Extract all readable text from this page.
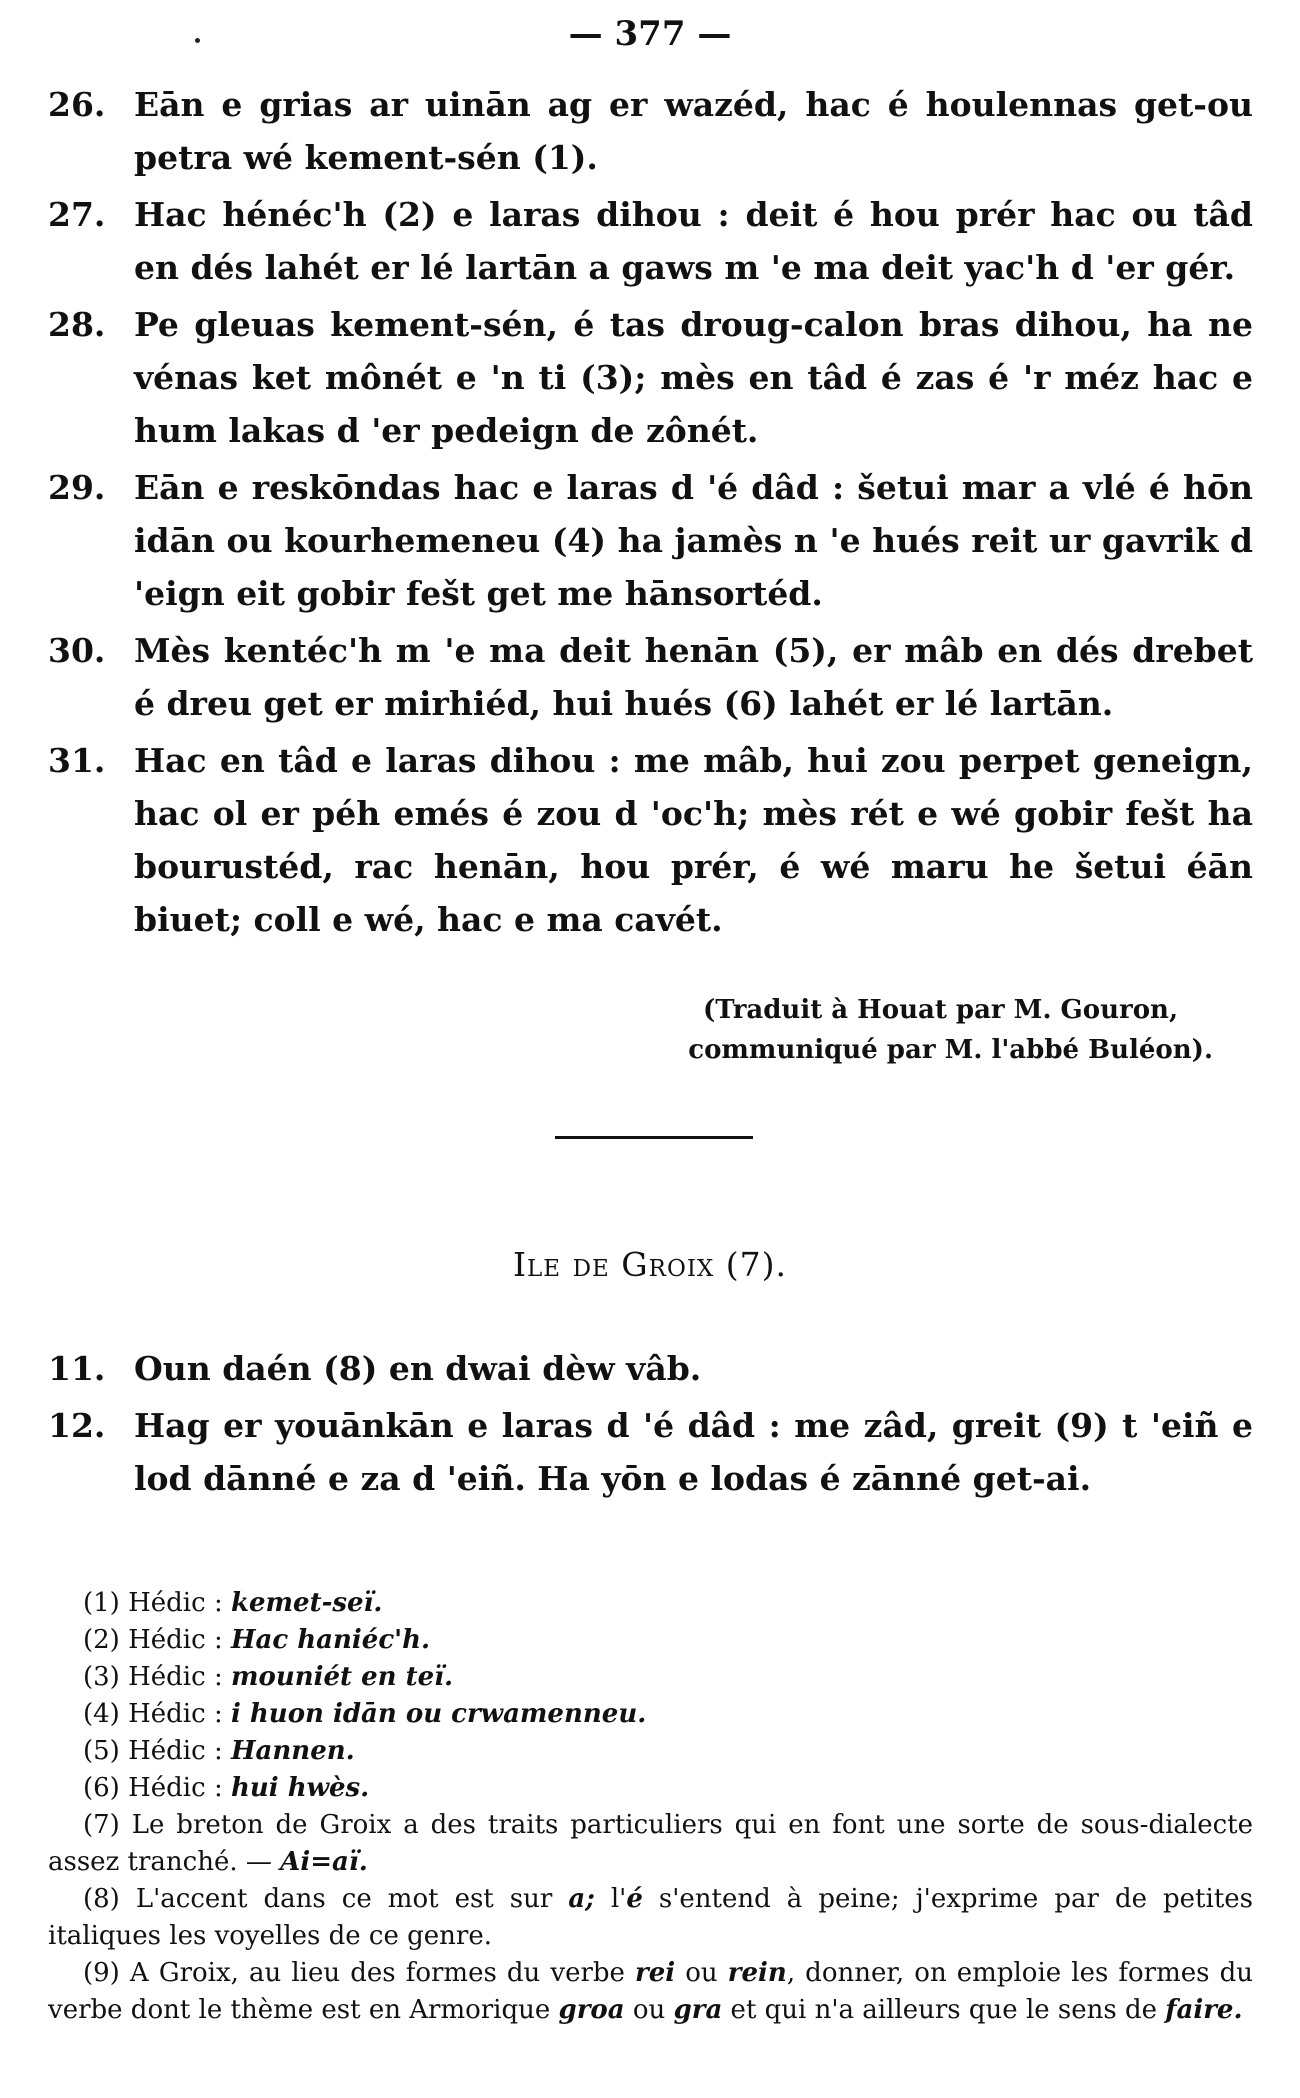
— 377 —
26. Eān e grias ar uinān ag er wazéd, hac é houlennas get-ou petra wé kement-sén (1).
27. Hac hénéc'h (2) e laras dihou : deit é hou prér hac ou tâd en dés lahét er lé lartān a gaws m 'e ma deit yac'h d 'er gér.
28. Pe gleuas kement-sén, é tas droug-calon bras dihou, ha ne vénas ket mônét e 'n ti (3); mès en tâd é zas é 'r méz hac e hum lakas d 'er pedeign de zônét.
29. Eān e reskōndas hac e laras d 'é dâd : šetui mar a vlé é hōn idān ou kourhemeneu (4) ha jamès n 'e hués reit ur gavrik d 'eign eit gobir fešt get me hānsortéd.
30. Mès kentéc'h m 'e ma deit henān (5), er mâb en dés drebet é dreu get er mirhiéd, hui hués (6) lahét er lé lartān.
31. Hac en tâd e laras dihou : me mâb, hui zou perpet geneign, hac ol er péh emés é zou d 'oc'h; mès rét e wé gobir fešt ha bourustéd, rac henān, hou prér, é wé maru he šetui éān biuet; coll e wé, hac e ma cavét.
(Traduit à Houat par M. Gouron,
communiqué par M. l'abbé Buléon).
Ile de Groix (7).
11. Oun daén (8) en dwai dèw vâb.
12. Hag er youānkān e laras d 'é dâd : me zâd, greit (9) t 'eiñ e lod dānné e za d 'eiñ. Ha yōn e lodas é zānné get-ai.
(1) Hédic : kemet-seï.
(2) Hédic : Hac haniéc'h.
(3) Hédic : mouniét en teï.
(4) Hédic : i huon idān ou crwamenneu.
(5) Hédic : Hannen.
(6) Hédic : hui hwès.
(7) Le breton de Groix a des traits particuliers qui en font une sorte de sous-dialecte assez tranché. — Ai=aï.
(8) L'accent dans ce mot est sur a; l'é s'entend à peine; j'exprime par de petites italiques les voyelles de ce genre.
(9) A Groix, au lieu des formes du verbe rei ou rein, donner, on emploie les formes du verbe dont le thème est en Armorique groa ou gra et qui n'a ailleurs que le sens de faire.
